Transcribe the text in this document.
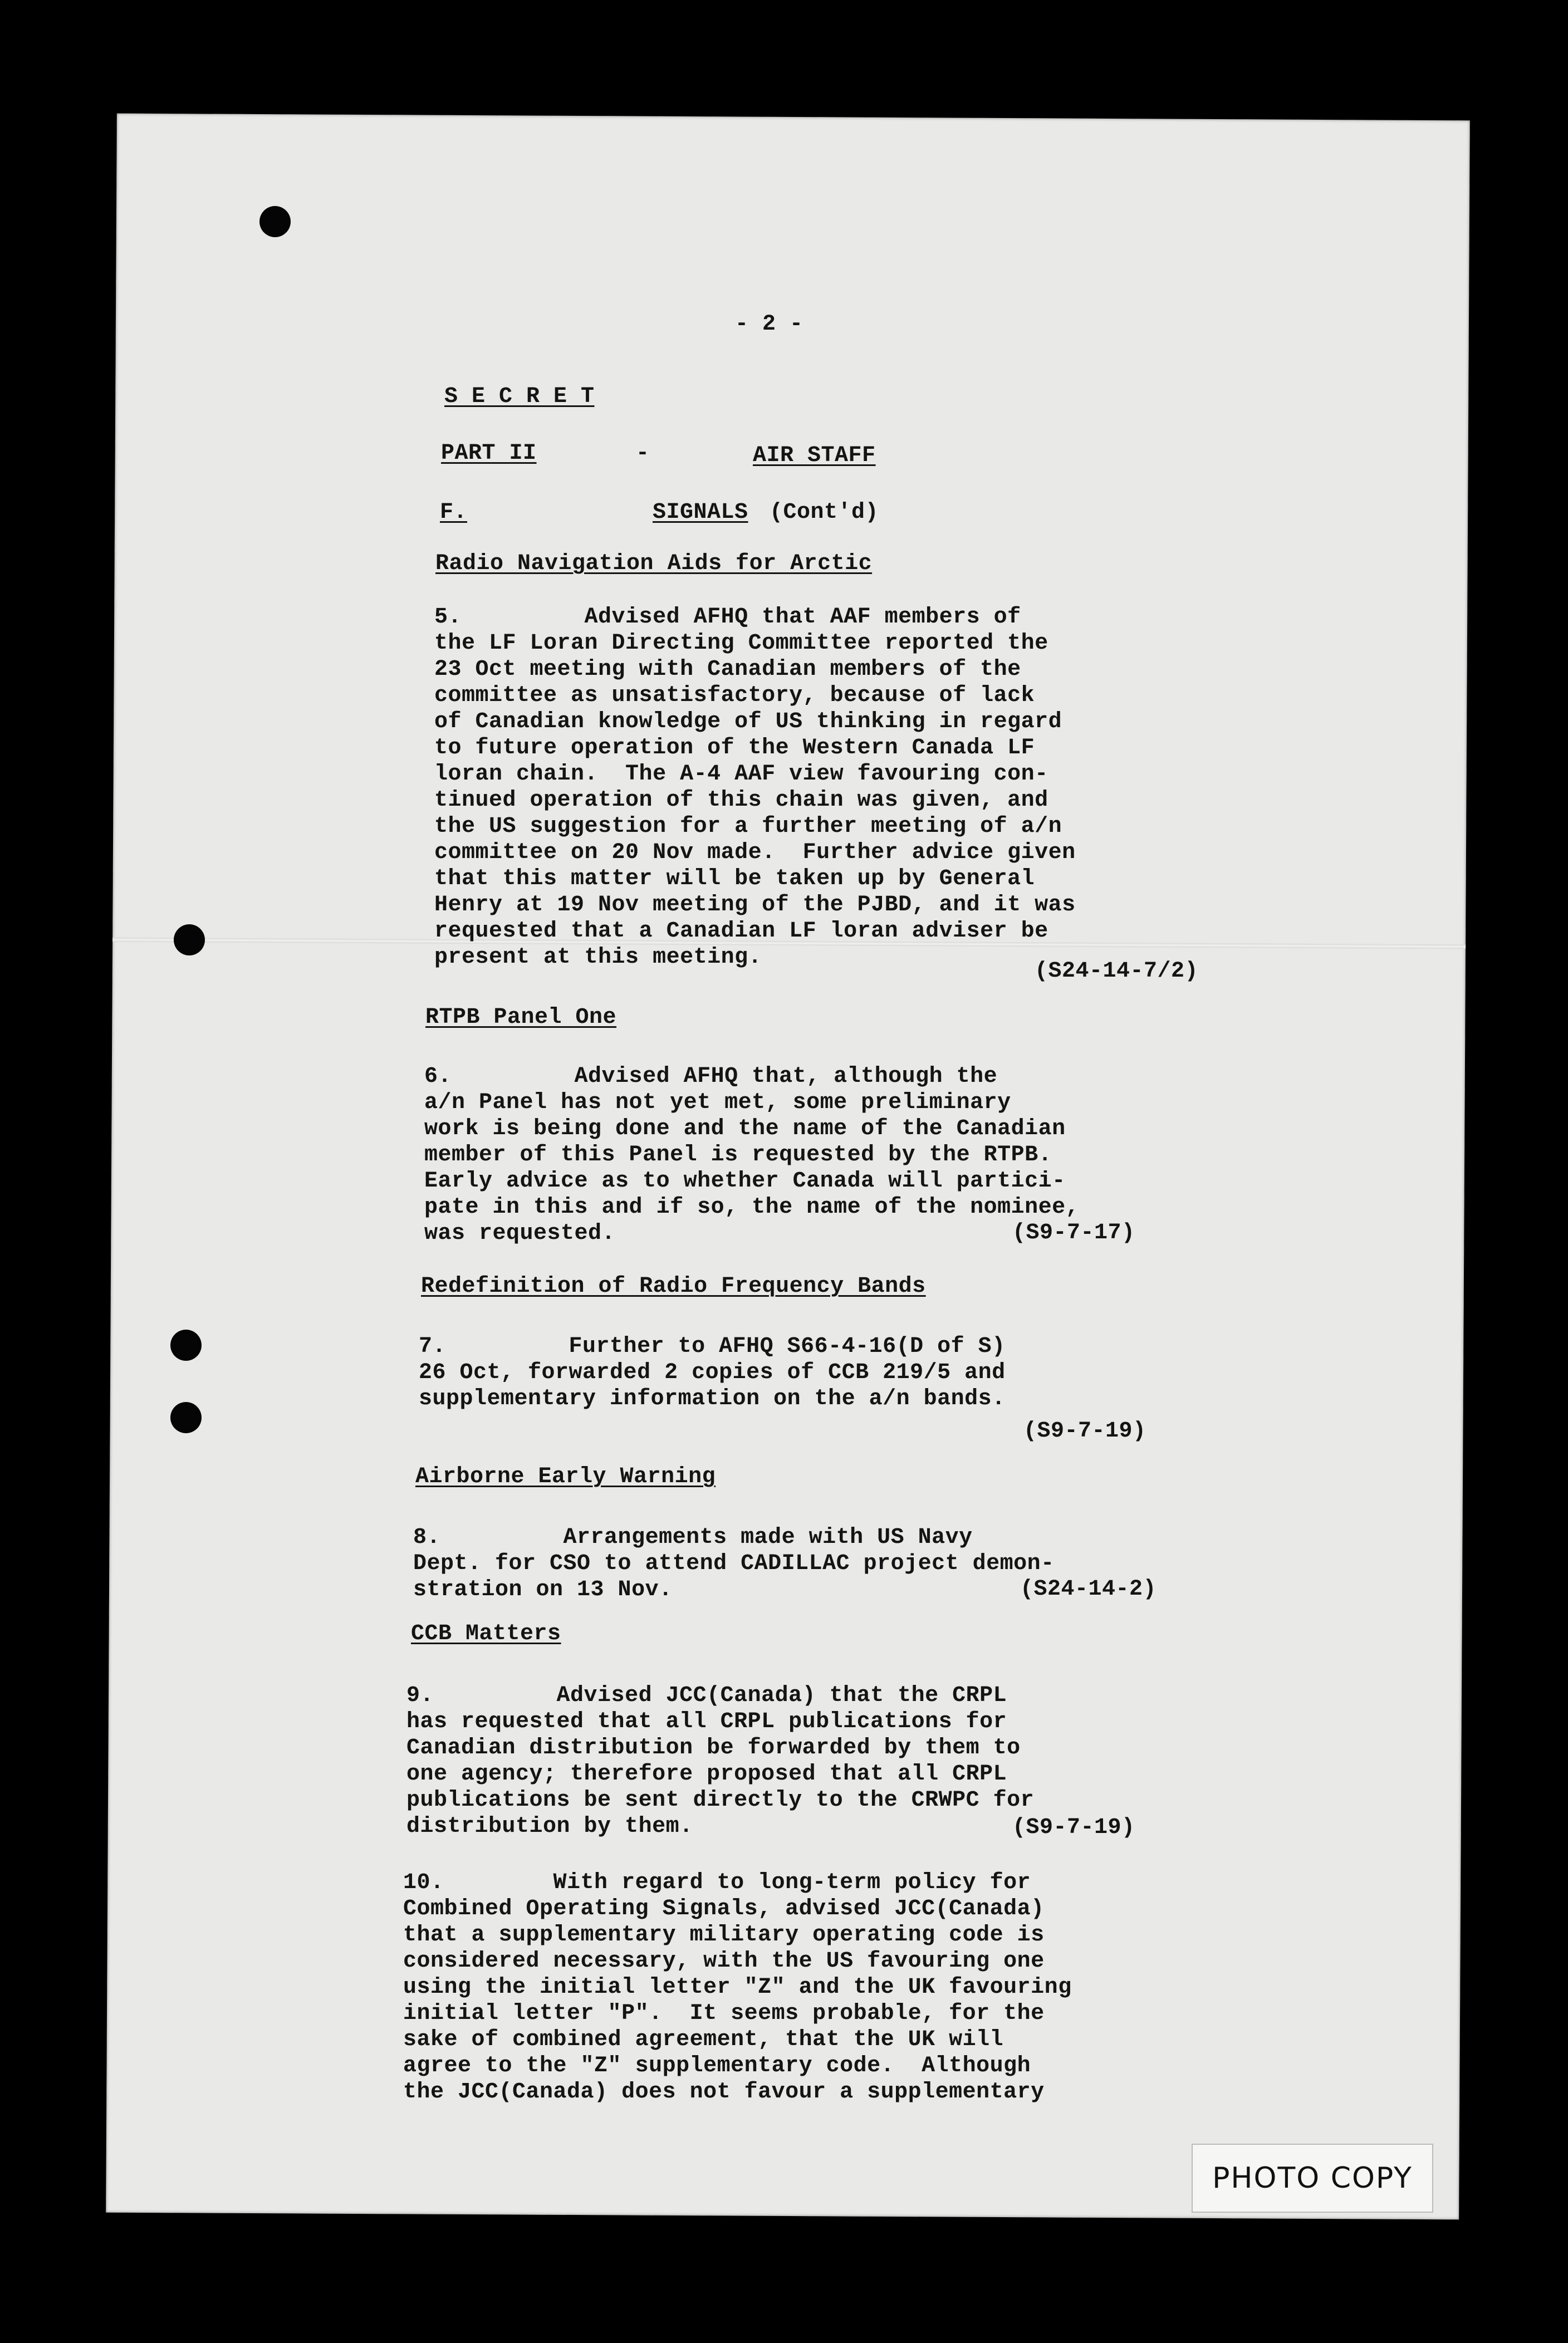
- 2 -
S E C R E T
PART II	-	AIR STAFF
F.	SIGNALS (Cont'd)
Radio Navigation Aids for Arctic
5.         Advised AFHQ that AAF members of
the LF Loran Directing Committee reported the
23 Oct meeting with Canadian members of the
committee as unsatisfactory, because of lack
of Canadian knowledge of US thinking in regard
to future operation of the Western Canada LF
loran chain.  The A-4 AAF view favouring con-
tinued operation of this chain was given, and
the US suggestion for a further meeting of a/n
committee on 20 Nov made.  Further advice given
that this matter will be taken up by General
Henry at 19 Nov meeting of the PJBD, and it was
requested that a Canadian LF loran adviser be
present at this meeting.
(S24-14-7/2)
RTPB Panel One
6.         Advised AFHQ that, although the
a/n Panel has not yet met, some preliminary
work is being done and the name of the Canadian
member of this Panel is requested by the RTPB.
Early advice as to whether Canada will partici-
pate in this and if so, the name of the nominee,
was requested.	(S9-7-17)
Redefinition of Radio Frequency Bands
7.         Further to AFHQ S66-4-16(D of S)
26 Oct, forwarded 2 copies of CCB 219/5 and
supplementary information on the a/n bands.
(S9-7-19)
Airborne Early Warning
8.         Arrangements made with US Navy
Dept. for CSO to attend CADILLAC project demon-
stration on 13 Nov.	(S24-14-2)
CCB Matters
9.         Advised JCC(Canada) that the CRPL
has requested that all CRPL publications for
Canadian distribution be forwarded by them to
one agency; therefore proposed that all CRPL
publications be sent directly to the CRWPC for
distribution by them.	(S9-7-19)
10.        With regard to long-term policy for
Combined Operating Signals, advised JCC(Canada)
that a supplementary military operating code is
considered necessary, with the US favouring one
using the initial letter "Z" and the UK favouring
initial letter "P".  It seems probable, for the
sake of combined agreement, that the UK will
agree to the "Z" supplementary code.  Although
the JCC(Canada) does not favour a supplementary
PHOTO COPY
